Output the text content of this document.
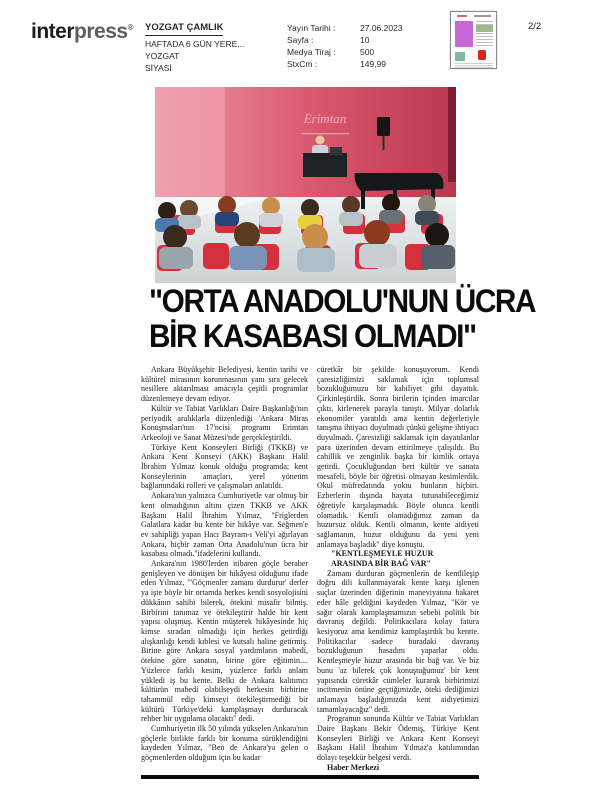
interpress® YOZGAT ÇAMLIK
HAFTADA 6 GÜN YERE...
YOZGAT
SİYASİ
Yayın Tarihi :
Sayfa :
Medya Tiraj :
StxCm :
27.06.2023
10
500
149,99
2/2
Erimtan
"ORTA ANADOLU'NUN ÜCRA
BİR KASABASI OLMADI"

Ankara Büyükşehir Belediyesi, kentin tarihi ve kültürel mirasının korunmasının yanı sıra gelecek nesillere aktarılması amacıyla çeşitli programlar düzenlemeye devam ediyor.

Kültür ve Tabiat Varlıkları Daire Başkanlığı'nın periyodik aralıklarla düzenlediği 'Ankara Miras Konuşmaları'nın 17'ncisi programı Erimtan Arkeoloji ve Sanat Müzesi'nde gerçekleştirildi.

Türkiye Kent Konseyleri Birliği (TKKB) ve Ankara Kent Konseyi (AKK) Başkanı Halil İbrahim Yılmaz konuk olduğu programda; kent Konseylerinin amaçları, yerel yönetim bağlamındaki rolleri ve çalışmaları anlatıldı.

Ankara'nın yalnızca Cumhuriyetle var olmuş bir kent olmadığının altını çizen TKKB ve AKK Başkanı Halil İbrahim Yılmaz, "Friglerden Galatlara kadar bu kente bir hikâye var. Seğmen'e ev sahipliği yapan Hacı Bayram-ı Veli'yi ağırlayan Ankara, hiçbir zaman Orta Anadolu'nun ücra bir kasabası olmadı."ifadelerini kullandı.

Ankara'nın 1980'lerden itibaren göçle beraber genişleyen ve dönüşen bir hikâyesi olduğunu ifade eden Yılmaz, "'Göçmenler zamanı durdurur' derler ya işte böyle bir ortamda herkes kendi sosyolojisini dükkânın sahibi bilerek, ötekini misafir bilmiş. Birbirini tanımaz ve ötekileştirir halde bir kent yapısı oluşmuş. Kentin müşterek hikâyesinde hiç kimse sıradan olmadığı için herkes getirdiği alışkanlığı kendi kıblesi ve kutsalı haline getirmiş. Birine göre Ankara sosyal yardımların mabedi, ötekine göre sanatın, birine göre eğitimin.... Yüzlerce farklı kesim, yüzlerce farklı anlam yükledi iş bu kente. Belki de Ankara kalıtımcı kültürün mabedi olabilseydi herkesin birbirine tahammül edip kimseyi ötekileştirmediği bir kültürü Türkiye'deki kamplaşmayı durduracak rehber bir uygulama olacaktı" dedi.

Cumhuriyetin ilk 50 yılında yükselen Ankara'nın göçlerle birlikte farklı bir konuma sürüklendiğini kaydeden Yılmaz, "Ben de Ankara'ya gelen o göçmenlerden olduğum için bu kadar

cüretkâr bir şekilde konuşuyorum. Kendi çaresizliğimizi saklamak için toplumsal bozukluğumuzu bir kabiliyet gibi dayattık. Çirkinleştirdik. Sonra birilerin içinden imarcılar çıktı, kirlenerek parayla tanıştı. Milyar dolarlık ekonomiler yaratıldı ama kentin değerleriyle tanışma ihtiyacı duyulmadı çünkü gelişme ihtiyacı duyulmadı. Çaresizliği saklamak için dayatılanlar para üzerinden devam ettirilmeye çalışıldı. Bu cahillik ve zenginlik başka bir kimlik ortaya getirdi. Çocukluğundan beri kültür ve sanata mesafeli, böyle bir öğretisi olmayan kesimlerdik. Okul müfredatında yoktu bunların hiçbiri. Ezberlerin dışında hayata tutunabileceğimiz öğretiyle karşılaşmadık. Böyle olunca kentli olamadık. Kentli olamadığımız zaman da huzursuz olduk. Kentli olmanın, kente aidiyeti sağlamanın, huzur olduğunu da yeni yeni anlamaya başladık" diye konuştu.

"KENTLEŞMEYLE HUZUR
ARASINDA BİR BAĞ VAR"

Zamanı durduran göçmenlerin de kentlileşip doğru dili kullanmayarak kente karşı işlenen suçlar üzerinden diğerinin maneviyatına hakaret eder hâle geldiğini kaydeden Yılmaz, "Kör ve sağır olarak kamplaşmamızın sebebi politik bir davranış değildi. Politikacılara kolay fatura kesiyoruz ama kendimiz kamplaşırdık bu kentte. Politikacılar sadece buradaki davranış bozukluğunun hasadını yaparlar oldu. Kentleşmeyle huzur arasında bir bağ var. Ve biz bunu 'az bilerek çok konuştuğumuz' bir kent yapısında cüretkâr cümleler kurarak birbirimizi incitmenin önüne geçtiğimizde, öteki dediğimizi anlamaya başladığımızda kent aidiyetimizi tamamlayacağız" dedi.

Programın sonunda Kültür ve Tabiat Varlıkları Daire Başkanı Bekir Ödemiş, Türkiye Kent Konseyleri Birliği ve Ankara Kent Konseyi Başkanı Halil İbrahim Yılmaz'a katılımından dolayı teşekkür belgesi verdi.

Haber Merkezi
